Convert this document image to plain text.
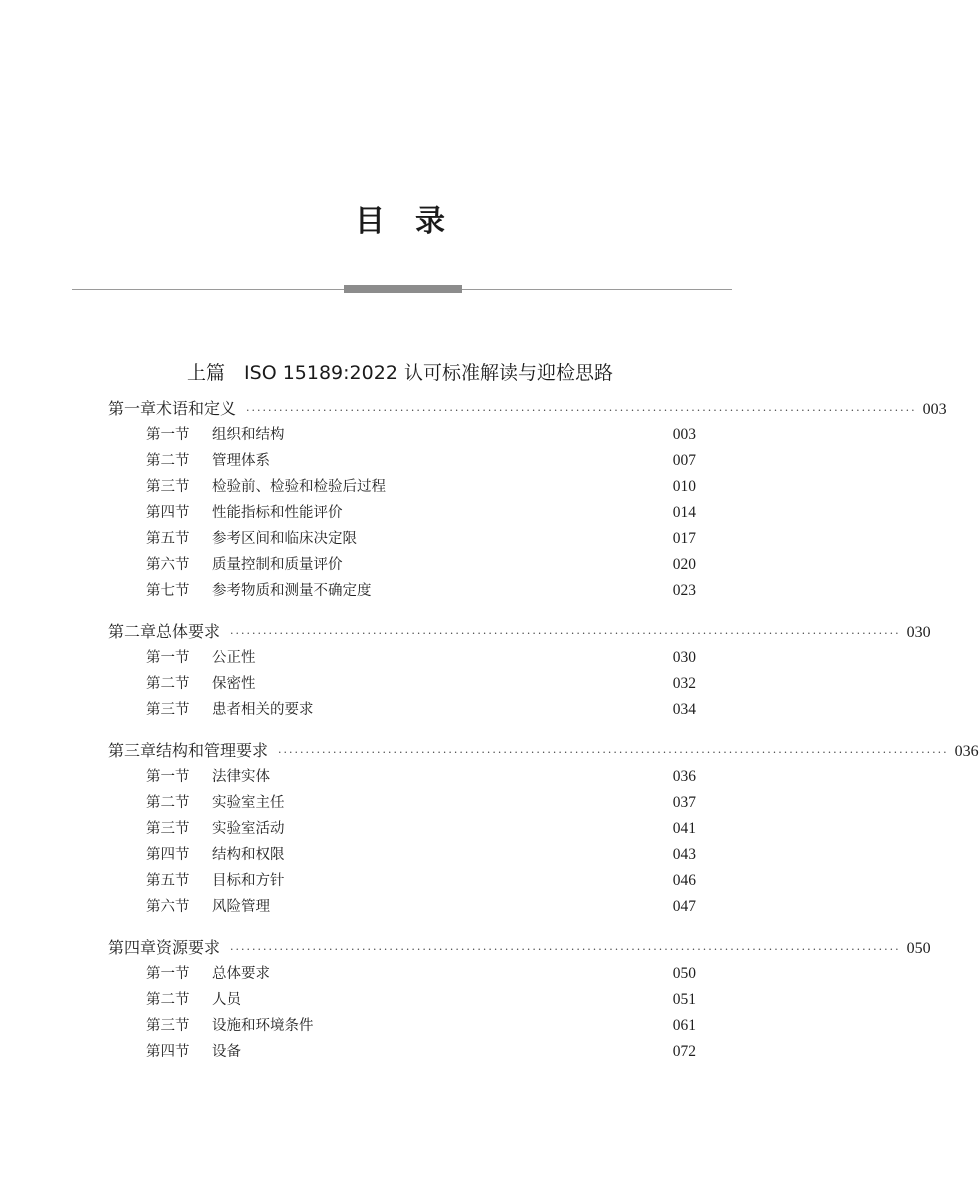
目录
上篇　ISO 15189:2022 认可标准解读与迎检思路
第一章 术语和定义 ·························································································································· 003
第一节	组织和结构	003
第二节	管理体系	007
第三节	检验前、检验和检验后过程	010
第四节	性能指标和性能评价	014
第五节	参考区间和临床决定限	017
第六节	质量控制和质量评价	020
第七节	参考物质和测量不确定度	023
第二章 总体要求 ·························································································································· 030
第一节	公正性	030
第二节	保密性	032
第三节	患者相关的要求	034
第三章 结构和管理要求 ·························································································································· 036
第一节	法律实体	036
第二节	实验室主任	037
第三节	实验室活动	041
第四节	结构和权限	043
第五节	目标和方针	046
第六节	风险管理	047
第四章 资源要求 ·························································································································· 050
第一节	总体要求	050
第二节	人员	051
第三节	设施和环境条件	061
第四节	设备	072
